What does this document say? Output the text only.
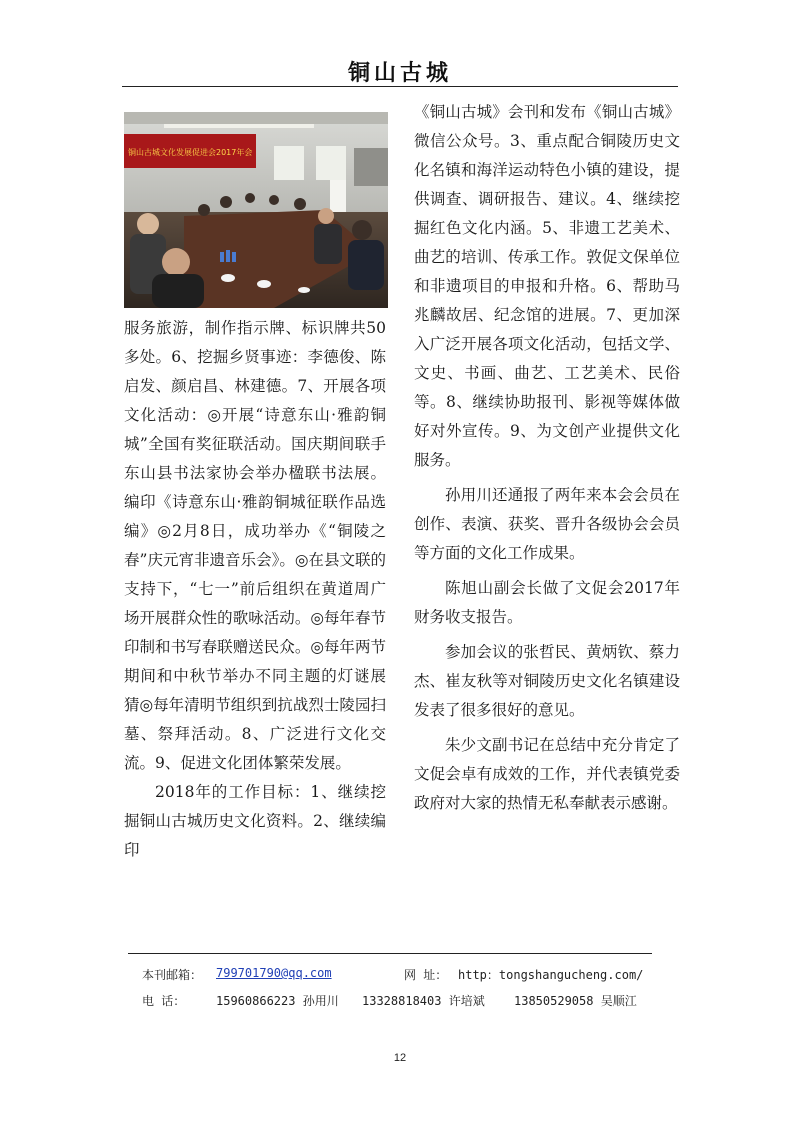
铜山古城
铜山古城文化发展促进会2017年会

服务旅游，制作指示牌、标识牌共50多处。6、挖掘乡贤事迹：李德俊、陈启发、颜启昌、林建德。7、开展各项文化活动：◎开展“诗意东山·雅韵铜城”全国有奖征联活动。国庆期间联手东山县书法家协会举办楹联书法展。编印《诗意东山·雅韵铜城征联作品选编》◎2月8日，成功举办《“铜陵之春”庆元宵非遗音乐会》。◎在县文联的支持下，“七一”前后组织在黄道周广场开展群众性的歌咏活动。◎每年春节印制和书写春联赠送民众。◎每年两节期间和中秋节举办不同主题的灯谜展猜◎每年清明节组织到抗战烈士陵园扫墓、祭拜活动。8、广泛进行文化交流。9、促进文化团体繁荣发展。

2018年的工作目标：1、继续挖掘铜山古城历史文化资料。2、继续编印

《铜山古城》会刊和发布《铜山古城》微信公众号。3、重点配合铜陵历史文化名镇和海洋运动特色小镇的建设，提供调查、调研报告、建议。4、继续挖掘红色文化内涵。5、非遗工艺美术、曲艺的培训、传承工作。敦促文保单位和非遗项目的申报和升格。6、帮助马兆麟故居、纪念馆的进展。7、更加深入广泛开展各项文化活动，包括文学、文史、书画、曲艺、工艺美术、民俗等。8、继续协助报刊、影视等媒体做好对外宣传。9、为文创产业提供文化服务。

孙用川还通报了两年来本会会员在创作、表演、获奖、晋升各级协会会员等方面的文化工作成果。

陈旭山副会长做了文促会2017年财务收支报告。

参加会议的张哲民、黄炳钦、蔡力杰、崔友秋等对铜陵历史文化名镇建设发表了很多很好的意见。

朱少文副书记在总结中充分肯定了文促会卓有成效的工作，并代表镇党委政府对大家的热情无私奉献表示感谢。

本刊邮箱： 799701790@qq.com	网 址： http：tongshangucheng.com/
电 话：	15960866223 孙用川 13328818403 许培斌 13850529058 吴顺江
12
